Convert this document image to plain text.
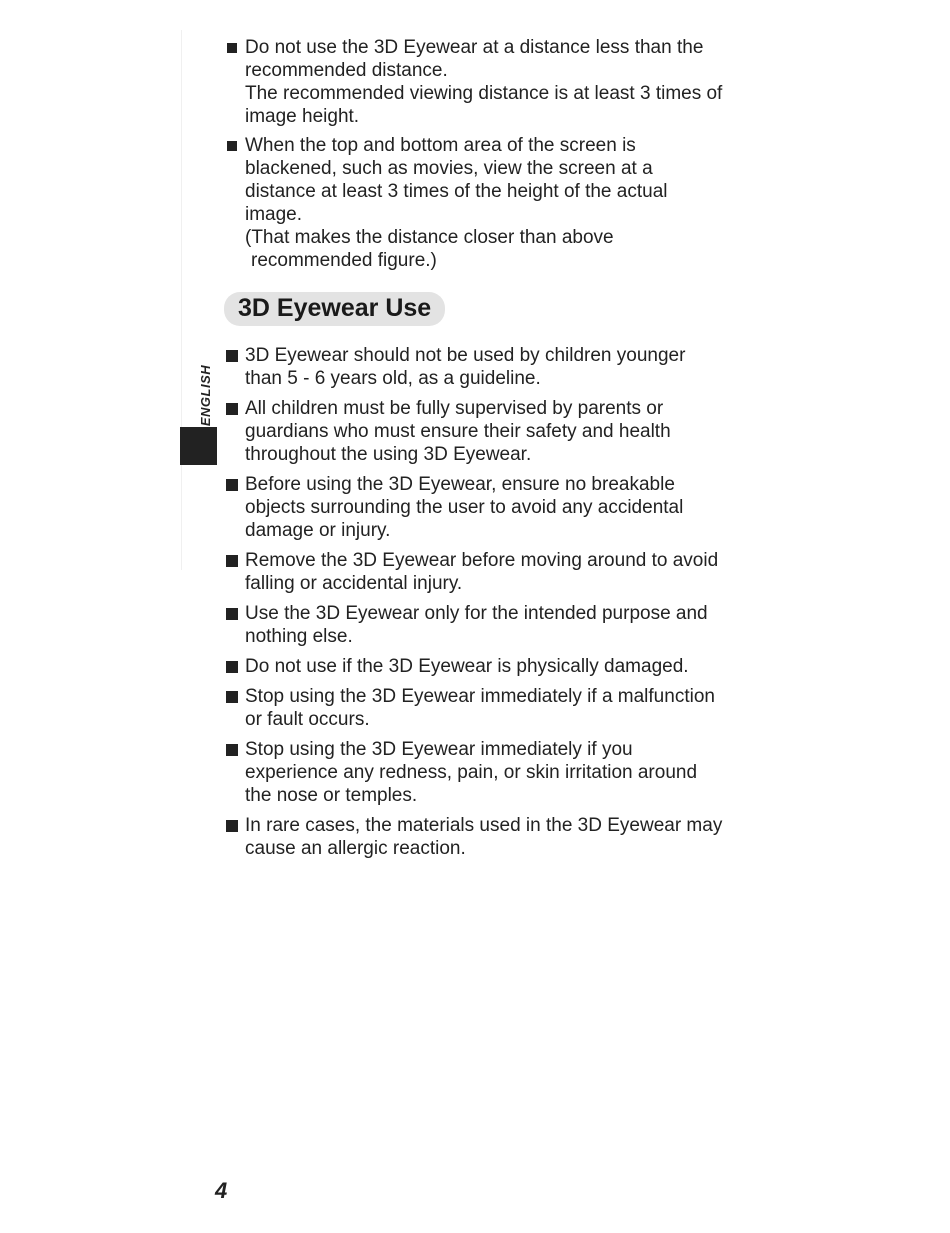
ENGLISH
Do not use the 3D Eyewear at a distance less than the recommended distance.
The recommended viewing distance is at least 3 times of image height.
When the top and bottom area of the screen is blackened, such as movies, view the screen at a distance at least 3 times of the height of the actual image.
(That makes the distance closer than above
recommended figure.)
3D Eyewear Use
3D Eyewear should not be used by children younger than 5 - 6 years old, as a guideline.
All children must be fully supervised by parents or guardians who must ensure their safety and health throughout the using 3D Eyewear.
Before using the 3D Eyewear, ensure no breakable objects surrounding the user to avoid any accidental damage or injury.
Remove the 3D Eyewear before moving around to avoid falling or accidental injury.
Use the 3D Eyewear only for the intended purpose and nothing else.
Do not use if the 3D Eyewear is physically damaged.
Stop using the 3D Eyewear immediately if a malfunction or fault occurs.
Stop using the 3D Eyewear immediately if you experience any redness, pain, or skin irritation around the nose or temples.
In rare cases, the materials used in the 3D Eyewear may cause an allergic reaction.
4
